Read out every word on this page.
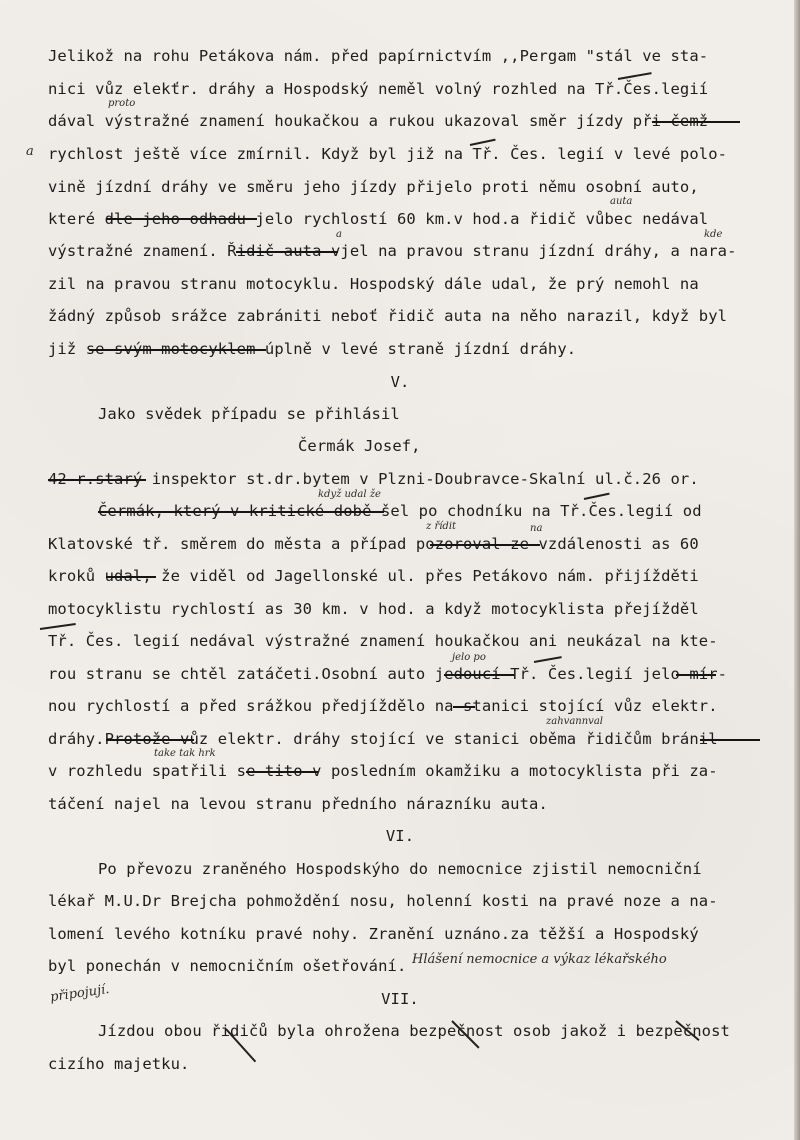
Jelikož na rohu Petákova nám. před papírnictvím ,,Pergam "stál ve sta-
nici vůz elekťr. dráhy a Hospodský neměl volný rozhled na Tř.Čes.legií
dával výstražné znamení houkačkou a rukou ukazoval směr jízdy při čemž
rychlost ještě více zmírnil. Když byl již na Tř. Čes. legií v levé polo-
vině jízdní dráhy ve směru jeho jízdy přijelo proti němu osobní auto,
které dle jeho odhadu jelo rychlostí 60 km.v hod.a řidič vůbec nedával
výstražné znamení. Řidič auta vjel na pravou stranu jízdní dráhy, a nara-
zil na pravou stranu motocyklu. Hospodský dále udal, že prý nemohl na
žádný způsob srážce zabrániti neboť řidič auta na něho narazil, když byl
již se svým motocyklem úplně v levé straně jízdní dráhy.
V.
Jako svědek případu se přihlásil
Čermák Josef,
42 r.starý inspektor st.dr.bytem v Plzni-Doubravce-Skalní ul.č.26 or.
Čermák, který v kritické době šel po chodníku na Tř.Čes.legií od
Klatovské tř. směrem do města a případ pozoroval ze vzdálenosti as 60
kroků udal, že viděl od Jagellonské ul. přes Petákovo nám. přijížděti
motocyklistu rychlostí as 30 km. v hod. a když motocyklista přejížděl
Tř. Čes. legií nedával výstražné znamení houkačkou ani neukázal na kte-
rou stranu se chtěl zatáčeti.Osobní auto jedoucí Tř. Čes.legií jelo mír-
nou rychlostí a před srážkou předjíždělo na stanici stojící vůz elektr.
dráhy.Protože vůz elektr. dráhy stojící ve stanici oběma řidičům bránil
v rozhledu spatřili se tito v posledním okamžiku a motocyklista při za-
táčení najel na levou stranu předního nárazníku auta.
VI.
Po převozu zraněného Hospodskýho do nemocnice zjistil nemocniční
lékař M.U.Dr Brejcha pohmoždění nosu, holenní kosti na pravé noze a na-
lomení levého kotníku pravé nohy. Zranění uznáno.za těžší a Hospodský
byl ponechán v nemocničním ošetřování.
VII.
Jízdou obou řidičů byla ohrožena bezpečnost osob jakož i bezpečnost
cizího majetku.
proto
a
auta
kde
a
když udal že
z řídit	na
jelo po
zahvannval
take tak hrk
Hlášení nemocnice a výkaz lékařského
připojují.
